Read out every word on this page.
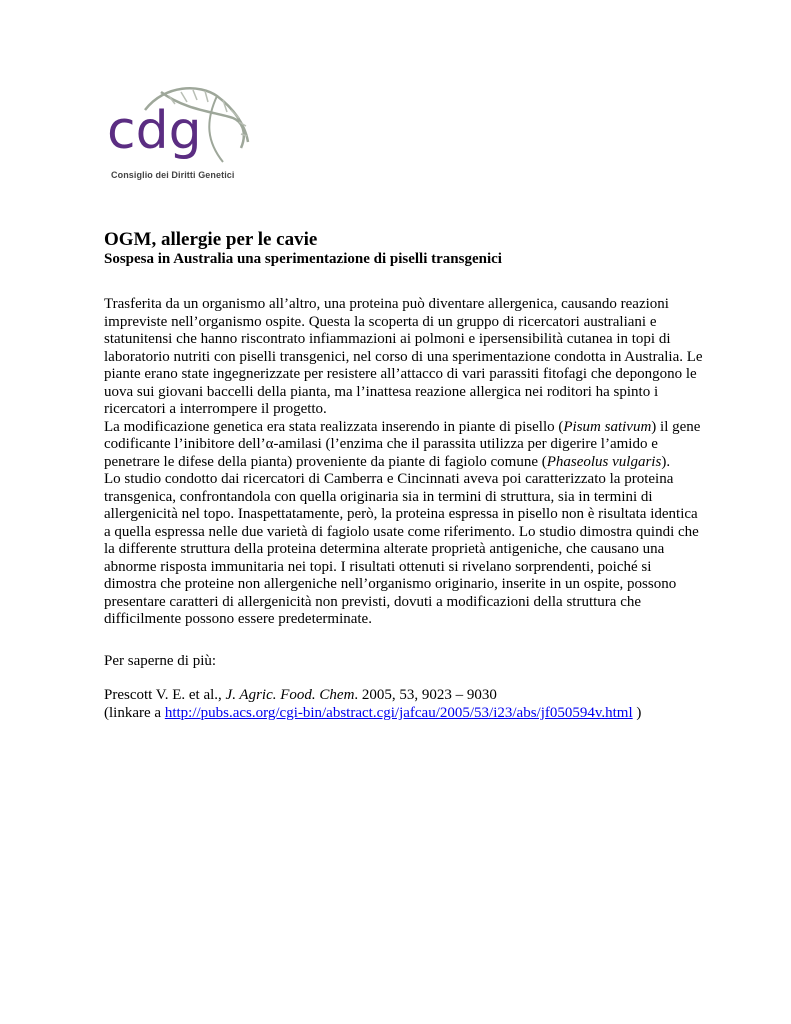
cdg
Consiglio dei Diritti Genetici
OGM, allergie per le cavie
Sospesa in Australia una sperimentazione di piselli transgenici

Trasferita da un organismo all’altro, una proteina può diventare allergenica, causando reazioni impreviste nell’organismo ospite. Questa la scoperta di un gruppo di ricercatori australiani e statunitensi che hanno riscontrato infiammazioni ai polmoni e ipersensibilità cutanea in topi di laboratorio nutriti con piselli transgenici, nel corso di una sperimentazione condotta in Australia. Le piante erano state ingegnerizzate per resistere all’attacco di vari parassiti fitofagi che depongono le uova sui giovani baccelli della pianta, ma l’inattesa reazione allergica nei roditori ha spinto i ricercatori a interrompere il progetto.

La modificazione genetica era stata realizzata inserendo in piante di pisello (Pisum sativum) il gene codificante l’inibitore dell’α-amilasi (l’enzima che il parassita utilizza per digerire l’amido e penetrare le difese della pianta) proveniente da piante di fagiolo comune (Phaseolus vulgaris).

Lo studio condotto dai ricercatori di Camberra e Cincinnati aveva poi caratterizzato la proteina transgenica, confrontandola con quella originaria sia in termini di struttura, sia in termini di allergenicità nel topo. Inaspettatamente, però, la proteina espressa in pisello non è risultata identica a quella espressa nelle due varietà di fagiolo usate come riferimento. Lo studio dimostra quindi che la differente struttura della proteina determina alterate proprietà antigeniche, che causano una abnorme risposta immunitaria nei topi. I risultati ottenuti si rivelano sorprendenti, poiché si dimostra che proteine non allergeniche nell’organismo originario, inserite in un ospite, possono presentare caratteri di allergenicità non previsti, dovuti a modificazioni della struttura che difficilmente possono essere predeterminate.

Per saperne di più:

Prescott V. E. et al., J. Agric. Food. Chem. 2005, 53, 9023 – 9030
(linkare a http://pubs.acs.org/cgi-bin/abstract.cgi/jafcau/2005/53/i23/abs/jf050594v.html )
